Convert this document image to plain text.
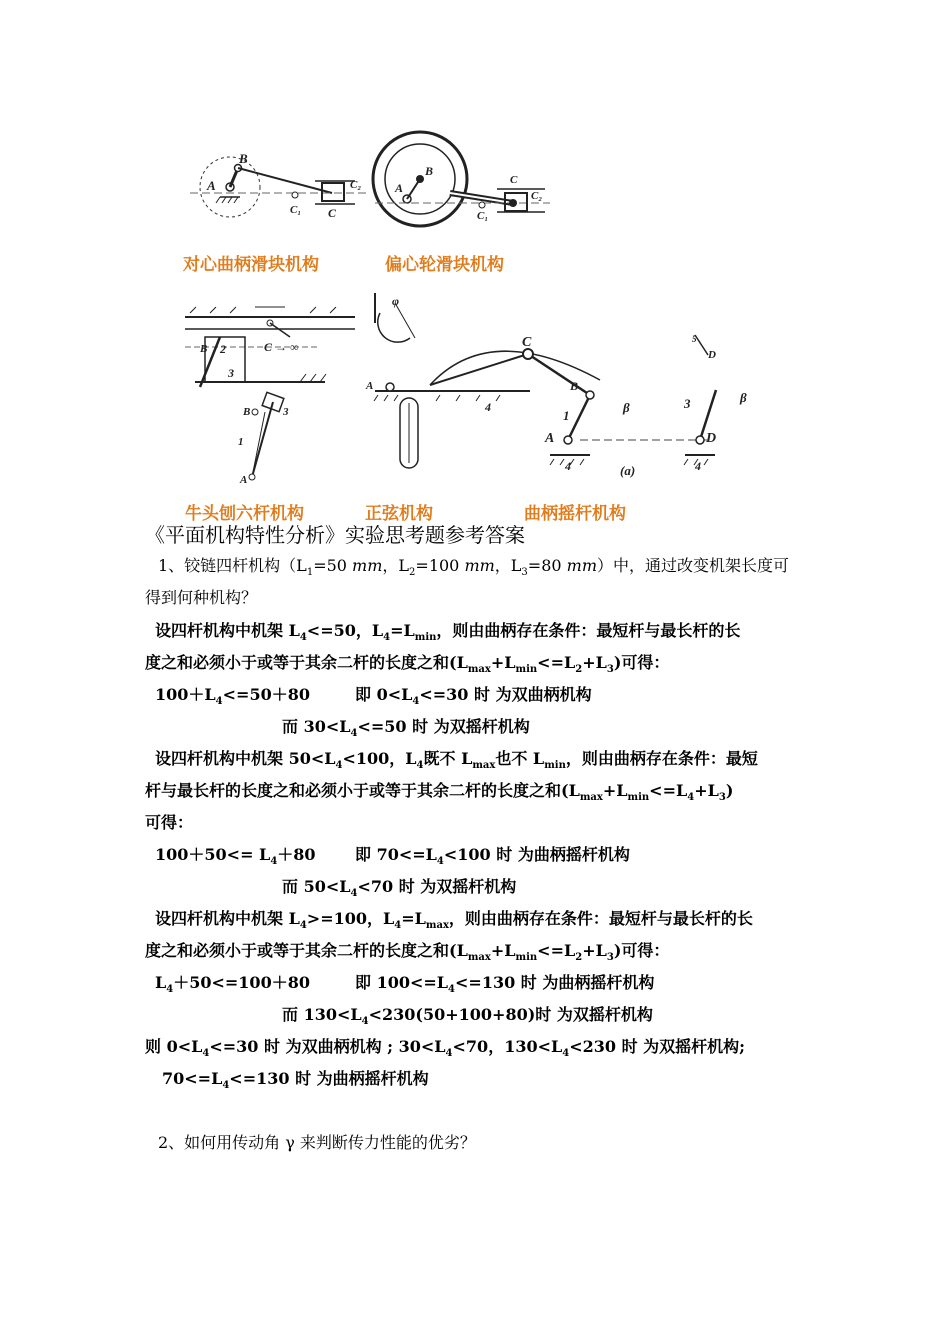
A
B
C₁
C₂
C
A
B
C₁
C₂
C
对心曲柄滑块机构	偏心轮滑块机构
C → ∞
3
2
B
A
B	3
1
φ
A
4
C
A
1
B
β
D
3
D
5
β
4	4
(a)
牛头刨六杆机构	正弦机构	曲柄摇杆机构
《平面机构特性分析》实验思考题参考答案
1、铰链四杆机构（$L_1=50$ mm，$L_2=100$ mm，$L_3=80$ mm）中，通过改变机架长度可
得到何种机构？
设四杆机构中机架 $L_4<=50$，$L_4=L_{min}$，则由曲柄存在条件：最短杆与最长杆的长
度之和必须小于或等于其余二杆的长度之和$(L_{max}+L_{min}<=L_2+L_3)$可得：
$100+L_4<=50+80$	即 $0<L_4<=30$ 时 为双曲柄机构
而 $30<L_4<=50$ 时 为双摇杆机构
设四杆机构中机架 $50<L_4<100$，$L_4$既不 $L_{max}$也不 $L_{min}$，则由曲柄存在条件：最短
杆与最长杆的长度之和必须小于或等于其余二杆的长度之和$(L_{max}+L_{min}<=L_4+L_3)$
可得：
$100+50<= L_4+80$ 即 $70<=L_4<100$ 时 为曲柄摇杆机构
而 $50<L_4<70$ 时 为双摇杆机构
设四杆机构中机架 $L_4>=100$，$L_4=L_{max}$，则由曲柄存在条件：最短杆与最长杆的长
度之和必须小于或等于其余二杆的长度之和$(L_{max}+L_{min}<=L_2+L_3)$可得：
$L_4+50<=100+80$	即 $100<=L_4<=130$ 时 为曲柄摇杆机构
而 $130<L_4<230(50+100+80)$时 为双摇杆机构
则 $0<L_4<=30$ 时 为双曲柄机构 ; $30<L_4<70$，$130<L_4<230$ 时 为双摇杆机构;
$70<=L_4<=130$ 时 为曲柄摇杆机构
2、如何用传动角 γ 来判断传力性能的优劣？
